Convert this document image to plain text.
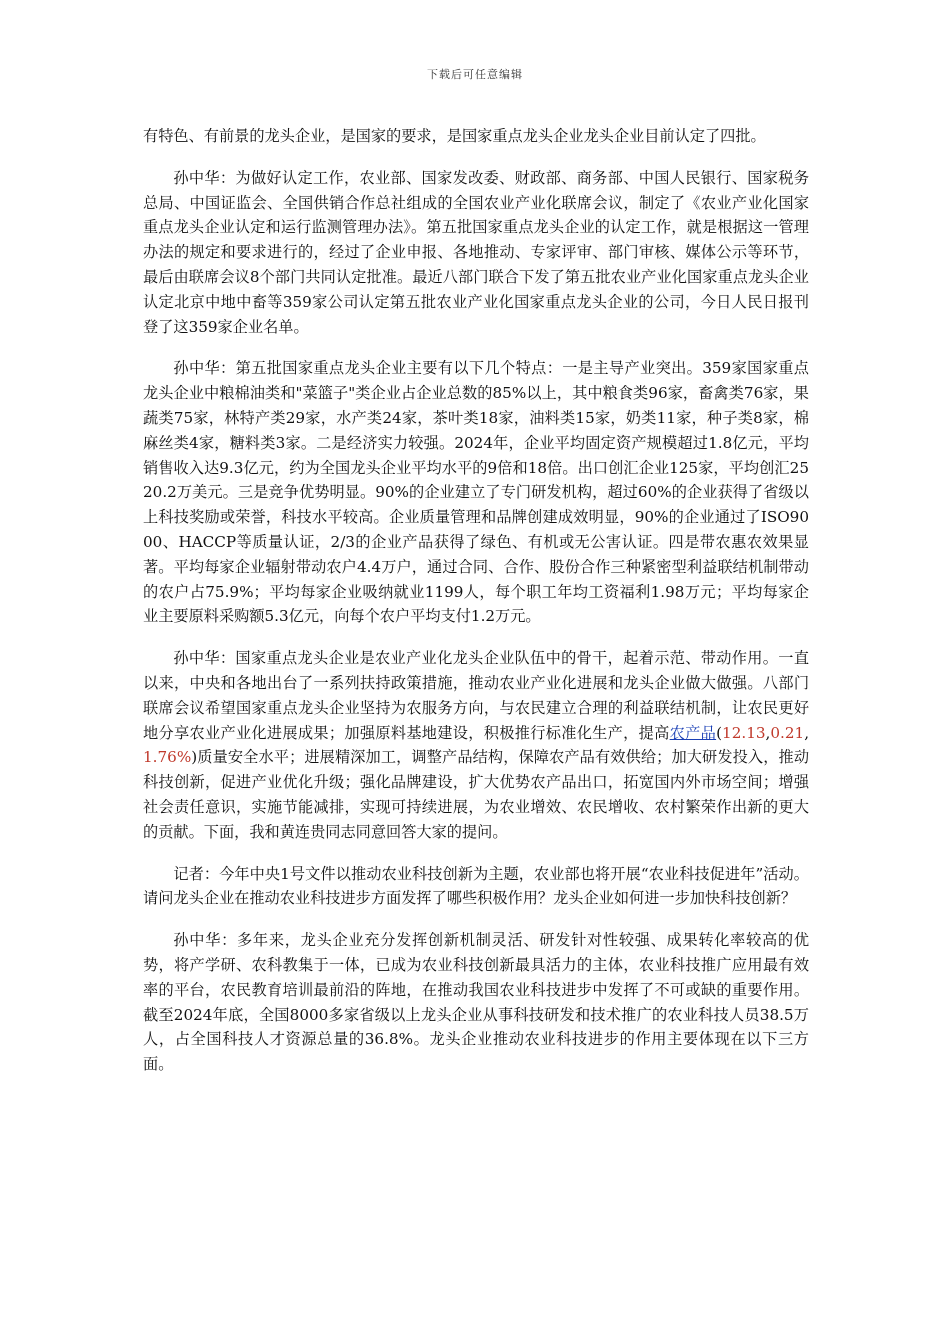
下载后可任意编辑

有特色、有前景的龙头企业，是国家的要求，是国家重点龙头企业龙头企业目前认定了四批。

孙中华：为做好认定工作，农业部、国家发改委、财政部、商务部、中国人民银行、国家税务总局、中国证监会、全国供销合作总社组成的全国农业产业化联席会议，制定了《农业产业化国家重点龙头企业认定和运行监测管理办法》。第五批国家重点龙头企业的认定工作，就是根据这一管理办法的规定和要求进行的，经过了企业申报、各地推动、专家评审、部门审核、媒体公示等环节，最后由联席会议8个部门共同认定批准。最近八部门联合下发了第五批农业产业化国家重点龙头企业认定北京中地中畜等359家公司认定第五批农业产业化国家重点龙头企业的公司，今日人民日报刊登了这359家企业名单。

孙中华：第五批国家重点龙头企业主要有以下几个特点：一是主导产业突出。359家国家重点龙头企业中粮棉油类和"菜篮子"类企业占企业总数的85%以上，其中粮食类96家，畜禽类76家，果蔬类75家，林特产类29家，水产类24家，茶叶类18家，油料类15家，奶类11家，种子类8家，棉麻丝类4家，糖料类3家。二是经济实力较强。2024年，企业平均固定资产规模超过1.8亿元，平均销售收入达9.3亿元，约为全国龙头企业平均水平的9倍和18倍。出口创汇企业125家，平均创汇2520.2万美元。三是竞争优势明显。90%的企业建立了专门研发机构，超过60%的企业获得了省级以上科技奖励或荣誉，科技水平较高。企业质量管理和品牌创建成效明显，90%的企业通过了ISO9000、HACCP等质量认证，2/3的企业产品获得了绿色、有机或无公害认证。四是带农惠农效果显著。平均每家企业辐射带动农户4.4万户，通过合同、合作、股份合作三种紧密型利益联结机制带动的农户占75.9%；平均每家企业吸纳就业1199人，每个职工年均工资福利1.98万元；平均每家企业主要原料采购额5.3亿元，向每个农户平均支付1.2万元。

孙中华：国家重点龙头企业是农业产业化龙头企业队伍中的骨干，起着示范、带动作用。一直以来，中央和各地出台了一系列扶持政策措施，推动农业产业化进展和龙头企业做大做强。八部门联席会议希望国家重点龙头企业坚持为农服务方向，与农民建立合理的利益联结机制，让农民更好地分享农业产业化进展成果；加强原料基地建设，积极推行标准化生产，提高农产品(12.13,0.21,1.76%)质量安全水平；进展精深加工，调整产品结构，保障农产品有效供给；加大研发投入，推动科技创新，促进产业优化升级；强化品牌建设，扩大优势农产品出口，拓宽国内外市场空间；增强社会责任意识，实施节能减排，实现可持续进展，为农业增效、农民增收、农村繁荣作出新的更大的贡献。下面，我和黄连贵同志同意回答大家的提问。

记者：今年中央1号文件以推动农业科技创新为主题，农业部也将开展“农业科技促进年”活动。请问龙头企业在推动农业科技进步方面发挥了哪些积极作用？龙头企业如何进一步加快科技创新？

孙中华：多年来，龙头企业充分发挥创新机制灵活、研发针对性较强、成果转化率较高的优势，将产学研、农科教集于一体，已成为农业科技创新最具活力的主体，农业科技推广应用最有效率的平台，农民教育培训最前沿的阵地，在推动我国农业科技进步中发挥了不可或缺的重要作用。截至2024年底，全国8000多家省级以上龙头企业从事科技研发和技术推广的农业科技人员38.5万人，占全国科技人才资源总量的36.8%。龙头企业推动农业科技进步的作用主要体现在以下三方面。
